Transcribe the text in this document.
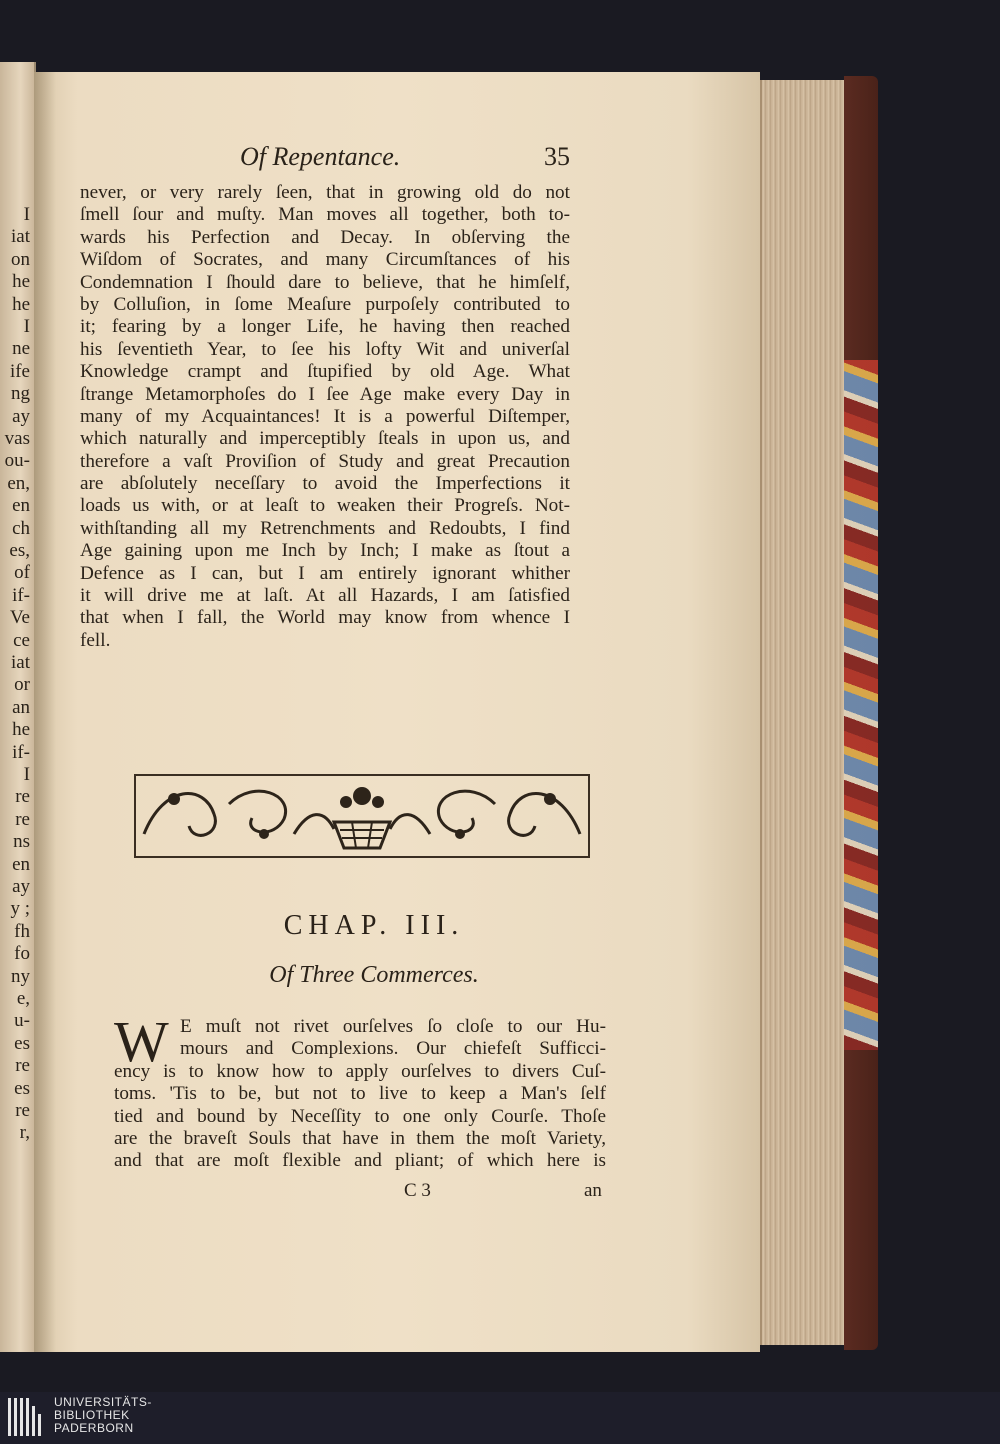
I
iat
on
he
he
I
ne
ife
ng
ay
vas
ou-
en,
en
ch
es,
of
if-
Ve
ce
iat
or
an
he
if-
I
re
re
ns
en
ay
y ;
fh
fo
ny
e,
u-
es
re
es
re
r,
Of Repentance.	35
never, or very rarely ſeen, that in growing old do not
ſmell ſour and muſty. Man moves all together, both to-
wards his Perfection and Decay. In obſerving the
Wiſdom of Socrates, and many Circumſtances of his
Condemnation I ſhould dare to believe, that he himſelf,
by Colluſion, in ſome Meaſure purpoſely contributed to
it; fearing by a longer Life, he having then reached
his ſeventieth Year, to ſee his lofty Wit and univerſal
Knowledge crampt and ſtupified by old Age. What
ſtrange Metamorphoſes do I ſee Age make every Day in
many of my Acquaintances! It is a powerful Diſtemper,
which naturally and imperceptibly ſteals in upon us, and
therefore a vaſt Proviſion of Study and great Precaution
are abſolutely neceſſary to avoid the Imperfections it
loads us with, or at leaſt to weaken their Progreſs. Not-
withſtanding all my Retrenchments and Redoubts, I find
Age gaining upon me Inch by Inch; I make as ſtout a
Defence as I can, but I am entirely ignorant whither
it will drive me at laſt. At all Hazards, I am ſatisfied
that when I fall, the World may know from whence I
fell.
CHAP. III.
Of Three Commerces.
W E muſt not rivet ourſelves ſo cloſe to our Hu-
mours and Complexions. Our chiefeſt Sufficci-
ency is to know how to apply ourſelves to divers Cuſ-
toms. 'Tis to be, but not to live to keep a Man's ſelf
tied and bound by Neceſſity to one only Courſe. Thoſe
are the braveſt Souls that have in them the moſt Variety,
and that are moſt flexible and pliant; of which here is
C 3	an
UNIVERSITÄTS-
BIBLIOTHEK
PADERBORN
